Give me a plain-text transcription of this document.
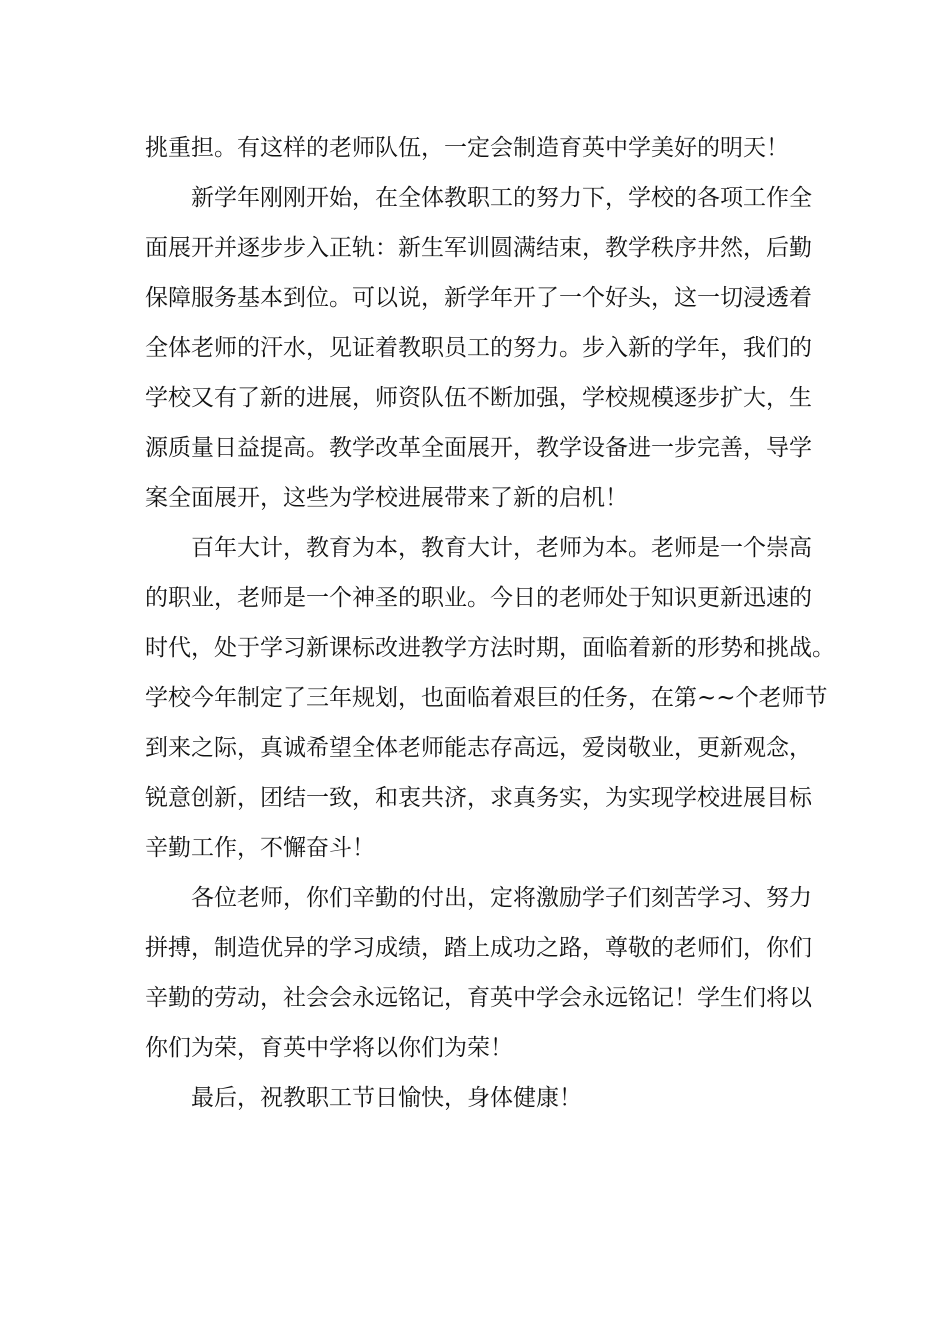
挑重担。有这样的老师队伍，一定会制造育英中学美好的明天！
新学年刚刚开始，在全体教职工的努力下，学校的各项工作全
面展开并逐步步入正轨：新生军训圆满结束，教学秩序井然，后勤
保障服务基本到位。可以说，新学年开了一个好头，这一切浸透着
全体老师的汗水，见证着教职员工的努力。步入新的学年，我们的
学校又有了新的进展，师资队伍不断加强，学校规模逐步扩大，生
源质量日益提高。教学改革全面展开，教学设备进一步完善，导学
案全面展开，这些为学校进展带来了新的启机！
百年大计，教育为本，教育大计，老师为本。老师是一个崇高
的职业，老师是一个神圣的职业。今日的老师处于知识更新迅速的
时代，处于学习新课标改进教学方法时期，面临着新的形势和挑战。
学校今年制定了三年规划，也面临着艰巨的任务，在第~~个老师节
到来之际，真诚希望全体老师能志存高远，爱岗敬业，更新观念，
锐意创新，团结一致，和衷共济，求真务实，为实现学校进展目标
辛勤工作，不懈奋斗！
各位老师，你们辛勤的付出，定将激励学子们刻苦学习、努力
拼搏，制造优异的学习成绩，踏上成功之路，尊敬的老师们，你们
辛勤的劳动，社会会永远铭记，育英中学会永远铭记！学生们将以
你们为荣，育英中学将以你们为荣！
最后，祝教职工节日愉快，身体健康！
